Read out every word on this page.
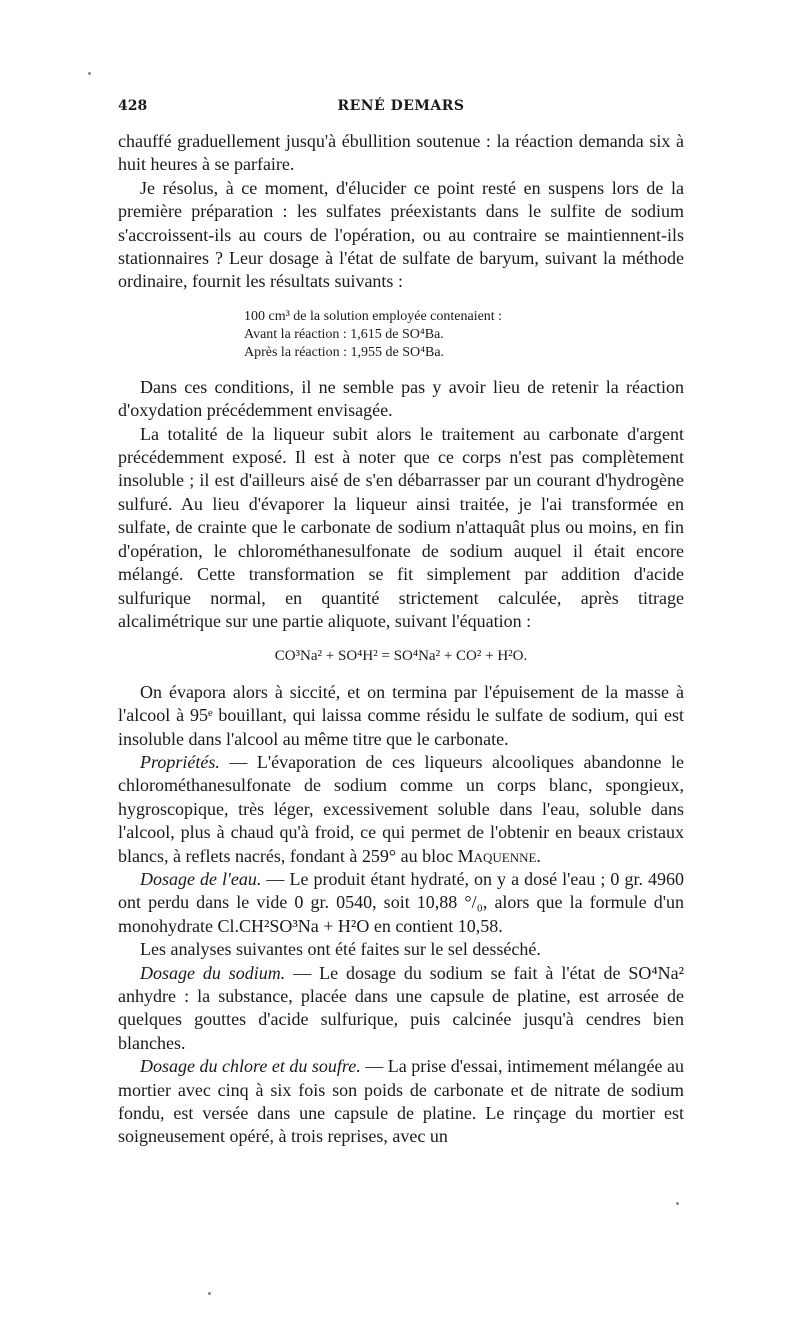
428	RENÉ DEMARS

chauffé graduellement jusqu'à ébullition soutenue : la réaction demanda six à huit heures à se parfaire.

Je résolus, à ce moment, d'élucider ce point resté en suspens lors de la première préparation : les sulfates préexistants dans le sulfite de sodium s'accroissent-ils au cours de l'opération, ou au contraire se maintiennent-ils stationnaires ? Leur dosage à l'état de sulfate de baryum, suivant la méthode ordinaire, fournit les résultats suivants :

100 cm³ de la solution employée contenaient :
Avant la réaction : 1,615 de SO⁴Ba.
Après la réaction : 1,955 de SO⁴Ba.

Dans ces conditions, il ne semble pas y avoir lieu de retenir la réaction d'oxydation précédemment envisagée.

La totalité de la liqueur subit alors le traitement au carbonate d'argent précédemment exposé. Il est à noter que ce corps n'est pas complètement insoluble ; il est d'ailleurs aisé de s'en débarrasser par un courant d'hydrogène sulfuré. Au lieu d'évaporer la liqueur ainsi traitée, je l'ai transformée en sulfate, de crainte que le carbonate de sodium n'attaquât plus ou moins, en fin d'opération, le chlorométhanesulfonate de sodium auquel il était encore mélangé. Cette transformation se fit simplement par addition d'acide sulfurique normal, en quantité strictement calculée, après titrage alcalimétrique sur une partie aliquote, suivant l'équation :

CO³Na² + SO⁴H² = SO⁴Na² + CO² + H²O.

On évapora alors à siccité, et on termina par l'épuisement de la masse à l'alcool à 95ᵉ bouillant, qui laissa comme résidu le sulfate de sodium, qui est insoluble dans l'alcool au même titre que le carbonate.

Propriétés. — L'évaporation de ces liqueurs alcooliques abandonne le chlorométhanesulfonate de sodium comme un corps blanc, spongieux, hygroscopique, très léger, excessivement soluble dans l'eau, soluble dans l'alcool, plus à chaud qu'à froid, ce qui permet de l'obtenir en beaux cristaux blancs, à reflets nacrés, fondant à 259° au bloc Maquenne.

Dosage de l'eau. — Le produit étant hydraté, on y a dosé l'eau ; 0 gr. 4960 ont perdu dans le vide 0 gr. 0540, soit 10,88 °/₀, alors que la formule d'un monohydrate Cl.CH²SO³Na + H²O en contient 10,58.

Les analyses suivantes ont été faites sur le sel desséché.

Dosage du sodium. — Le dosage du sodium se fait à l'état de SO⁴Na² anhydre : la substance, placée dans une capsule de platine, est arrosée de quelques gouttes d'acide sulfurique, puis calcinée jusqu'à cendres bien blanches.

Dosage du chlore et du soufre. — La prise d'essai, intimement mélangée au mortier avec cinq à six fois son poids de carbonate et de nitrate de sodium fondu, est versée dans une capsule de platine. Le rinçage du mortier est soigneusement opéré, à trois reprises, avec un
